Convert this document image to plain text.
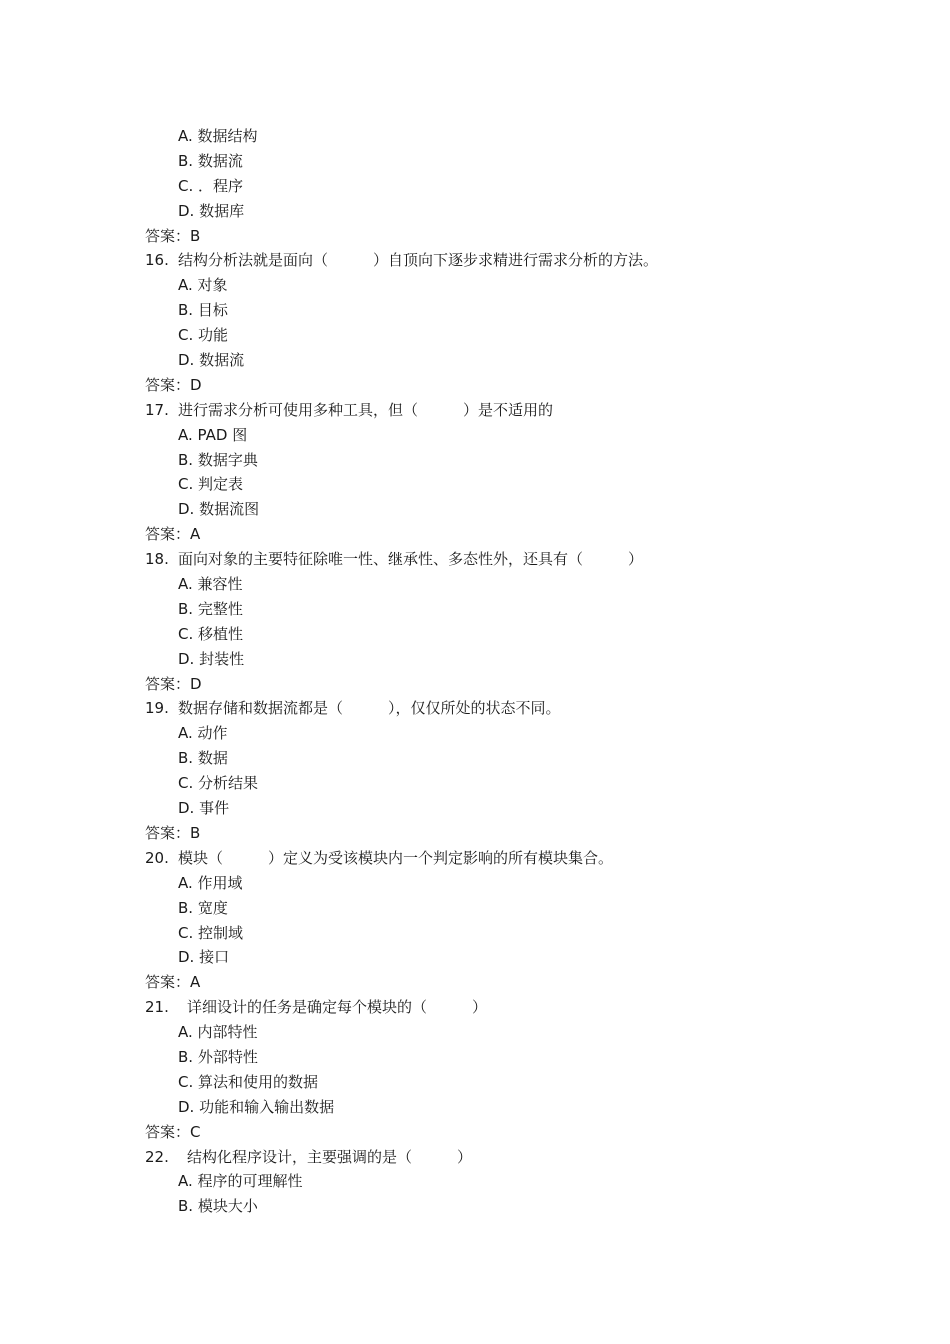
A. 数据结构
B. 数据流
C. ．程序
D. 数据库
答案：B
16. 结构分析法就是面向（　　　）自顶向下逐步求精进行需求分析的方法。
A. 对象
B. 目标
C. 功能
D. 数据流
答案：D
17. 进行需求分析可使用多种工具，但（　　　）是不适用的
A. PAD 图
B. 数据字典
C. 判定表
D. 数据流图
答案：A
18. 面向对象的主要特征除唯一性、继承性、多态性外，还具有（　　　）
A. 兼容性
B. 完整性
C. 移植性
D. 封装性
答案：D
19. 数据存储和数据流都是（　　　），仅仅所处的状态不同。
A. 动作
B. 数据
C. 分析结果
D. 事件
答案：B
20. 模块（　　　）定义为受该模块内一个判定影响的所有模块集合。
A. 作用域
B. 宽度
C. 控制域
D. 接口
答案：A
21. 详细设计的任务是确定每个模块的（　　　）
A. 内部特性
B. 外部特性
C. 算法和使用的数据
D. 功能和输入输出数据
答案：C
22. 结构化程序设计，主要强调的是（　　　）
A. 程序的可理解性
B. 模块大小
